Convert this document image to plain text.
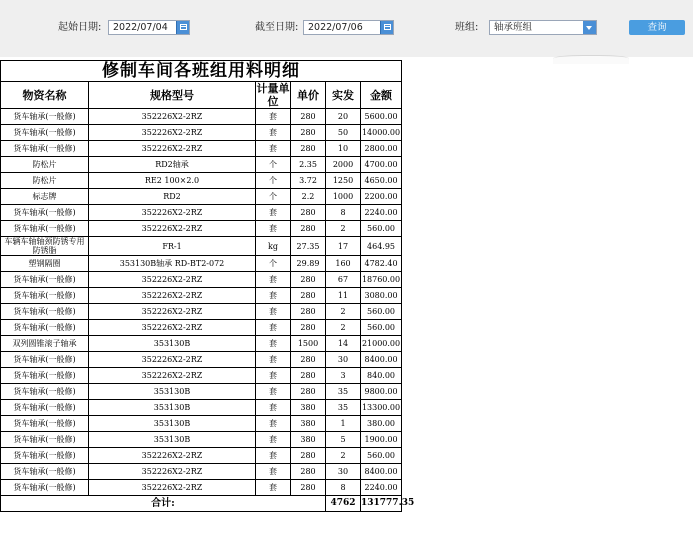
起始日期:	2022/07/04	截至日期:	2022/07/06	班组:	轴承班组	查询
修制车间各班组用料明细					
物资名称	规格型号	计量单位	单价	实发	金额
货车轴承(一般修)	352226X2-2RZ	套	280	20	5600.00
货车轴承(一般修)	352226X2-2RZ	套	280	50	14000.00
货车轴承(一般修)	352226X2-2RZ	套	280	10	2800.00
防松片	RD2轴承	个	2.35	2000	4700.00
防松片	RE2 100×2.0	个	3.72	1250	4650.00
标志牌	RD2	个	2.2	1000	2200.00
货车轴承(一般修)	352226X2-2RZ	套	280	8	2240.00
货车轴承(一般修)	352226X2-2RZ	套	280	2	560.00
车辆车轴轴颈防锈专用防锈脂	FR-1	kg	27.35	17	464.95
塑钢隔圈	353130B轴承 RD-BT2-072	个	29.89	160	4782.40
货车轴承(一般修)	352226X2-2RZ	套	280	67	18760.00
货车轴承(一般修)	352226X2-2RZ	套	280	11	3080.00
货车轴承(一般修)	352226X2-2RZ	套	280	2	560.00
货车轴承(一般修)	352226X2-2RZ	套	280	2	560.00
双列圆锥滚子轴承	353130B	套	1500	14	21000.00
货车轴承(一般修)	352226X2-2RZ	套	280	30	8400.00
货车轴承(一般修)	352226X2-2RZ	套	280	3	840.00
货车轴承(一般修)	353130B	套	280	35	9800.00
货车轴承(一般修)	353130B	套	380	35	13300.00
货车轴承(一般修)	353130B	套	380	1	380.00
货车轴承(一般修)	353130B	套	380	5	1900.00
货车轴承(一般修)	352226X2-2RZ	套	280	2	560.00
货车轴承(一般修)	352226X2-2RZ	套	280	30	8400.00
货车轴承(一般修)	352226X2-2RZ	套	280	8	2240.00
合计:				4762	131777.35
